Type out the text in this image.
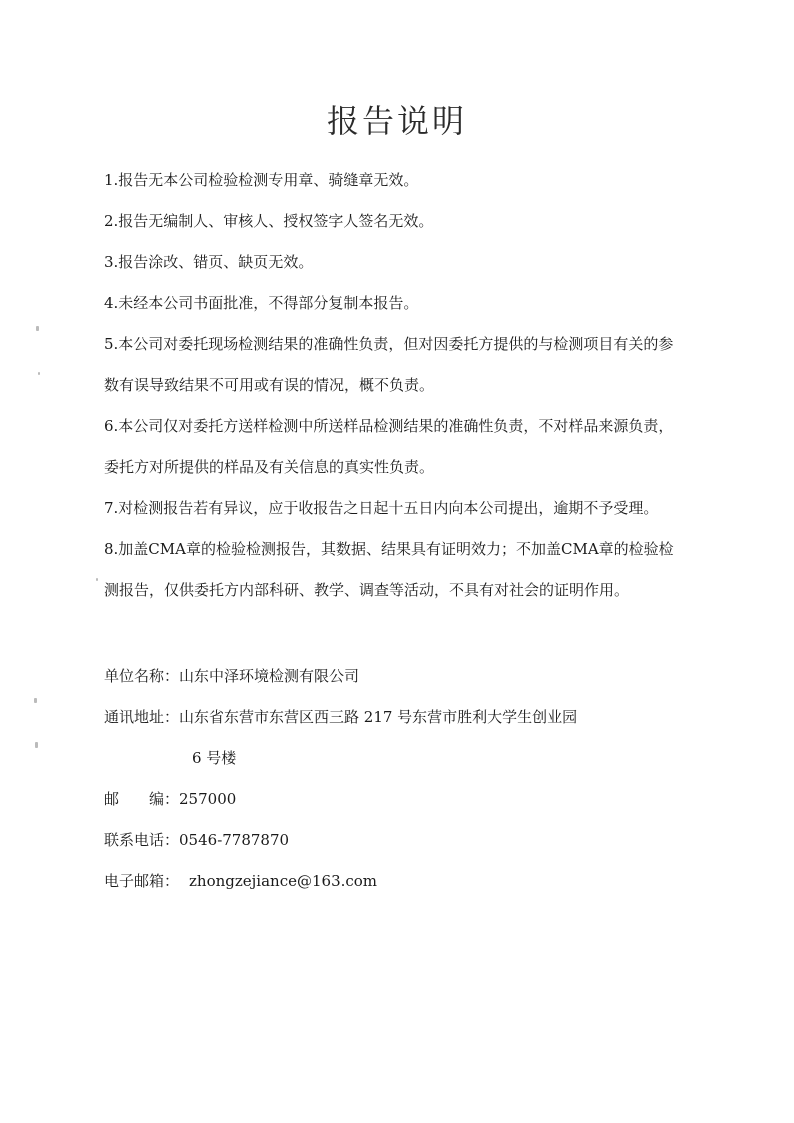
报告说明
1.报告无本公司检验检测专用章、骑缝章无效。
2.报告无编制人、审核人、授权签字人签名无效。
3.报告涂改、错页、缺页无效。
4.未经本公司书面批准，不得部分复制本报告。
5.本公司对委托现场检测结果的准确性负责，但对因委托方提供的与检测项目有关的参
数有误导致结果不可用或有误的情况，概不负责。
6.本公司仅对委托方送样检测中所送样品检测结果的准确性负责，不对样品来源负责，
委托方对所提供的样品及有关信息的真实性负责。
7.对检测报告若有异议，应于收报告之日起十五日内向本公司提出，逾期不予受理。
8.加盖CMA章的检验检测报告，其数据、结果具有证明效力；不加盖CMA章的检验检
测报告，仅供委托方内部科研、教学、调查等活动，不具有对社会的证明作用。
单位名称：山东中泽环境检测有限公司
通讯地址：山东省东营市东营区西三路 217 号东营市胜利大学生创业园
6 号楼
邮　　编：257000
联系电话：0546-7787870
电子邮箱： zhongzejiance@163.com
